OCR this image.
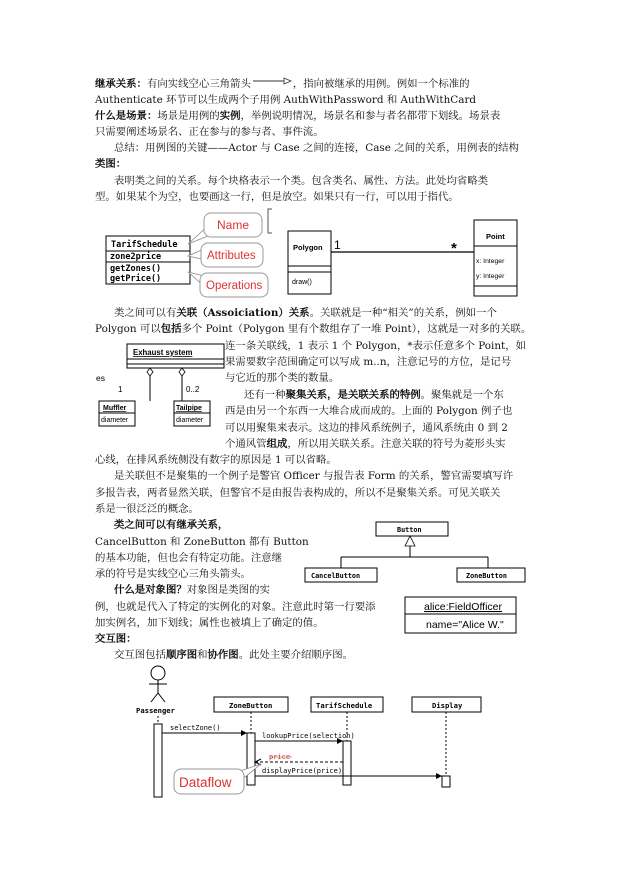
继承关系：有向实线空心三角箭头	，指向被继承的用例。例如一个标准的
Authenticate 环节可以生成两个子用例 AuthWithPassword 和 AuthWithCard
什么是场景：场景是用例的实例，举例说明情况，场景名和参与者名都带下划线。场景表
只需要阐述场景名、正在参与的参与者、事件流。
总结：用例图的关键——Actor 与 Case 之间的连接，Case 之间的关系，用例表的结构
类图：
表明类之间的关系。每个块格表示一个类。包含类名、属性、方法。此处均省略类
型。如果某个为空，也要画这一行，但是放空。如果只有一行，可以用于指代。
TarifSchedule
zone2price
getZones()
getPrice()
Name
Attributes
Operations
Polygon
draw()
1	*
Point
x: Integer
y: Integer
Exhaust system
1	0..2
es
Muffler
diameter
Tailpipe
diameter
Button
CancelButton	ZoneButton
alice:FieldOfficer
name="Alice W."
Passenger
ZoneButton	TarifSchedule	Display
selectZone()
lookupPrice(selection)
price
displayPrice(price)
Dataflow
类之间可以有关联（Assoiciation）关系。关联就是一种“相关”的关系，例如一个
Polygon 可以包括多个 Point（Polygon 里有个数组存了一堆 Point），这就是一对多的关联。
连一条关联线，1 表示 1 个 Polygon，*表示任意多个 Point，如
果需要数字范围确定可以写成 m..n，注意记号的方位，是记号
与它近的那个类的数量。
还有一种聚集关系，是关联关系的特例。聚集就是一个东
西是由另一个东西一大堆合成而成的。上面的 Polygon 例子也
可以用聚集来表示。这边的排风系统例子，通风系统由 0 到 2
个通风管组成，所以用关联关系。注意关联的符号为菱形头实
心线，在排风系统侧没有数字的原因是 1 可以省略。
是关联但不是聚集的一个例子是警官 Officer 与报告表 Form 的关系，警官需要填写许
多报告表，两者显然关联，但警官不是由报告表构成的，所以不是聚集关系。可见关联关
系是一很泛泛的概念。
类之间可以有继承关系，
CancelButton 和 ZoneButton 都有 Button
的基本功能，但也会有特定功能。注意继
承的符号是实线空心三角头箭头。
什么是对象图？对象图是类图的实
例，也就是代入了特定的实例化的对象。注意此时第一行要添
加实例名，加下划线；属性也被填上了确定的值。
交互图：
交互图包括顺序图和协作图。此处主要介绍顺序图。
